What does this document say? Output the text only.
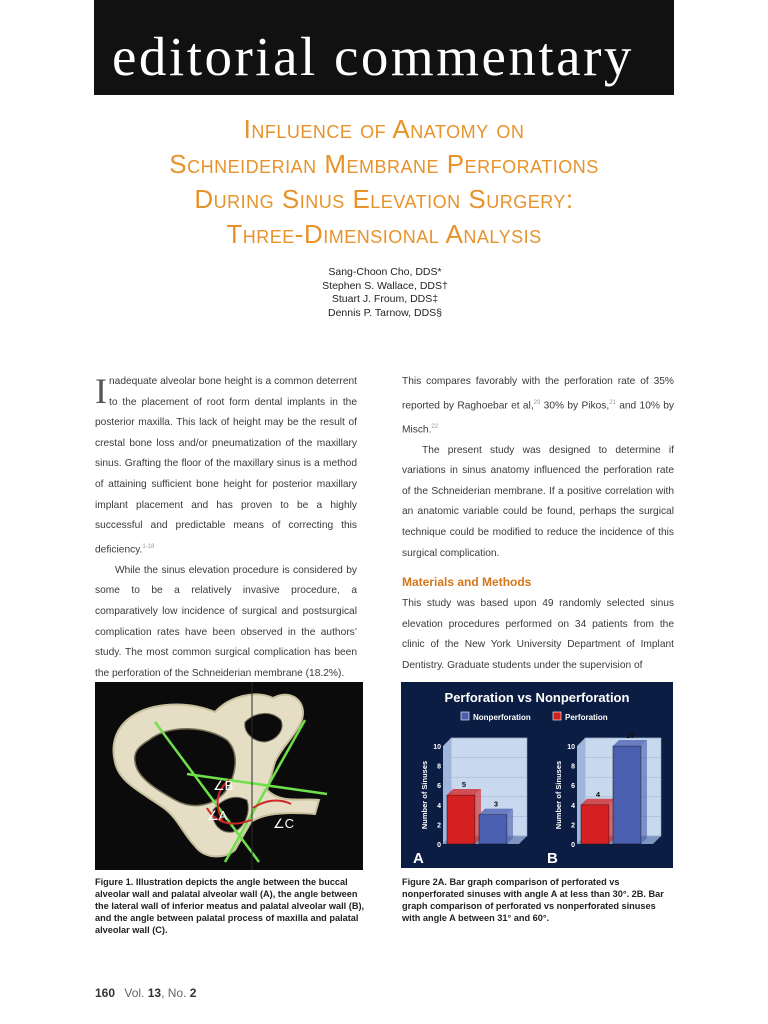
editorial commentary
Influence of Anatomy on
Schneiderian Membrane Perforations
During Sinus Elevation Surgery:
Three-Dimensional Analysis
Sang-Choon Cho, DDS*
Stephen S. Wallace, DDS†
Stuart J. Froum, DDS‡
Dennis P. Tarnow, DDS§

Inadequate alveolar bone height is a common deterrent to the placement of root form dental implants in the posterior maxilla. This lack of height may be the result of crestal bone loss and/or pneumatization of the maxillary sinus. Grafting the floor of the maxillary sinus is a method of attaining sufficient bone height for posterior maxillary implant placement and has proven to be a highly successful and predictable means of correcting this deficiency.$^{1-18}$

While the sinus elevation procedure is considered by some to be a relatively invasive procedure, a comparatively low incidence of surgical and postsurgical complication rates have been observed in the authors’ study. The most common surgical complication has been the perforation of the Schneiderian membrane (18.2%).

This compares favorably with the perforation rate of 35% reported by Raghoebar et al,$^{29}$ 30% by Pikos,$^{21}$ and 10% by Misch.$^{22}$

The present study was designed to determine if variations in sinus anatomy influenced the perforation rate of the Schneiderian membrane. If a positive correlation with an anatomic variable could be found, perhaps the surgical technique could be modified to reduce the incidence of this surgical complication.

Materials and Methods

This study was based upon 49 randomly selected sinus elevation procedures performed on 34 patients from the clinic of the New York University Department of Implant Dentistry. Graduate students under the supervision of

∠B
∠A
∠C
Perforation vs Nonperforation
Nonperforation	Perforation
0
2
4
6
8
10
Number of Sinuses	5
3
A
0
2
4
6
8
10
Number of Sinuses	4
10
B
Figure 1. Illustration depicts the angle between the buccal alveolar wall and palatal alveolar wall (A), the angle between the lateral wall of inferior meatus and palatal alveolar wall (B), and the angle between palatal process of maxilla and palatal alveolar wall (C).
Figure 2A. Bar graph comparison of perforated vs nonperforated sinuses with angle A at less than 30°. 2B. Bar graph comparison of perforated vs nonperforated sinuses with angle A between 31° and 60°.
160 Vol. 13, No. 2
